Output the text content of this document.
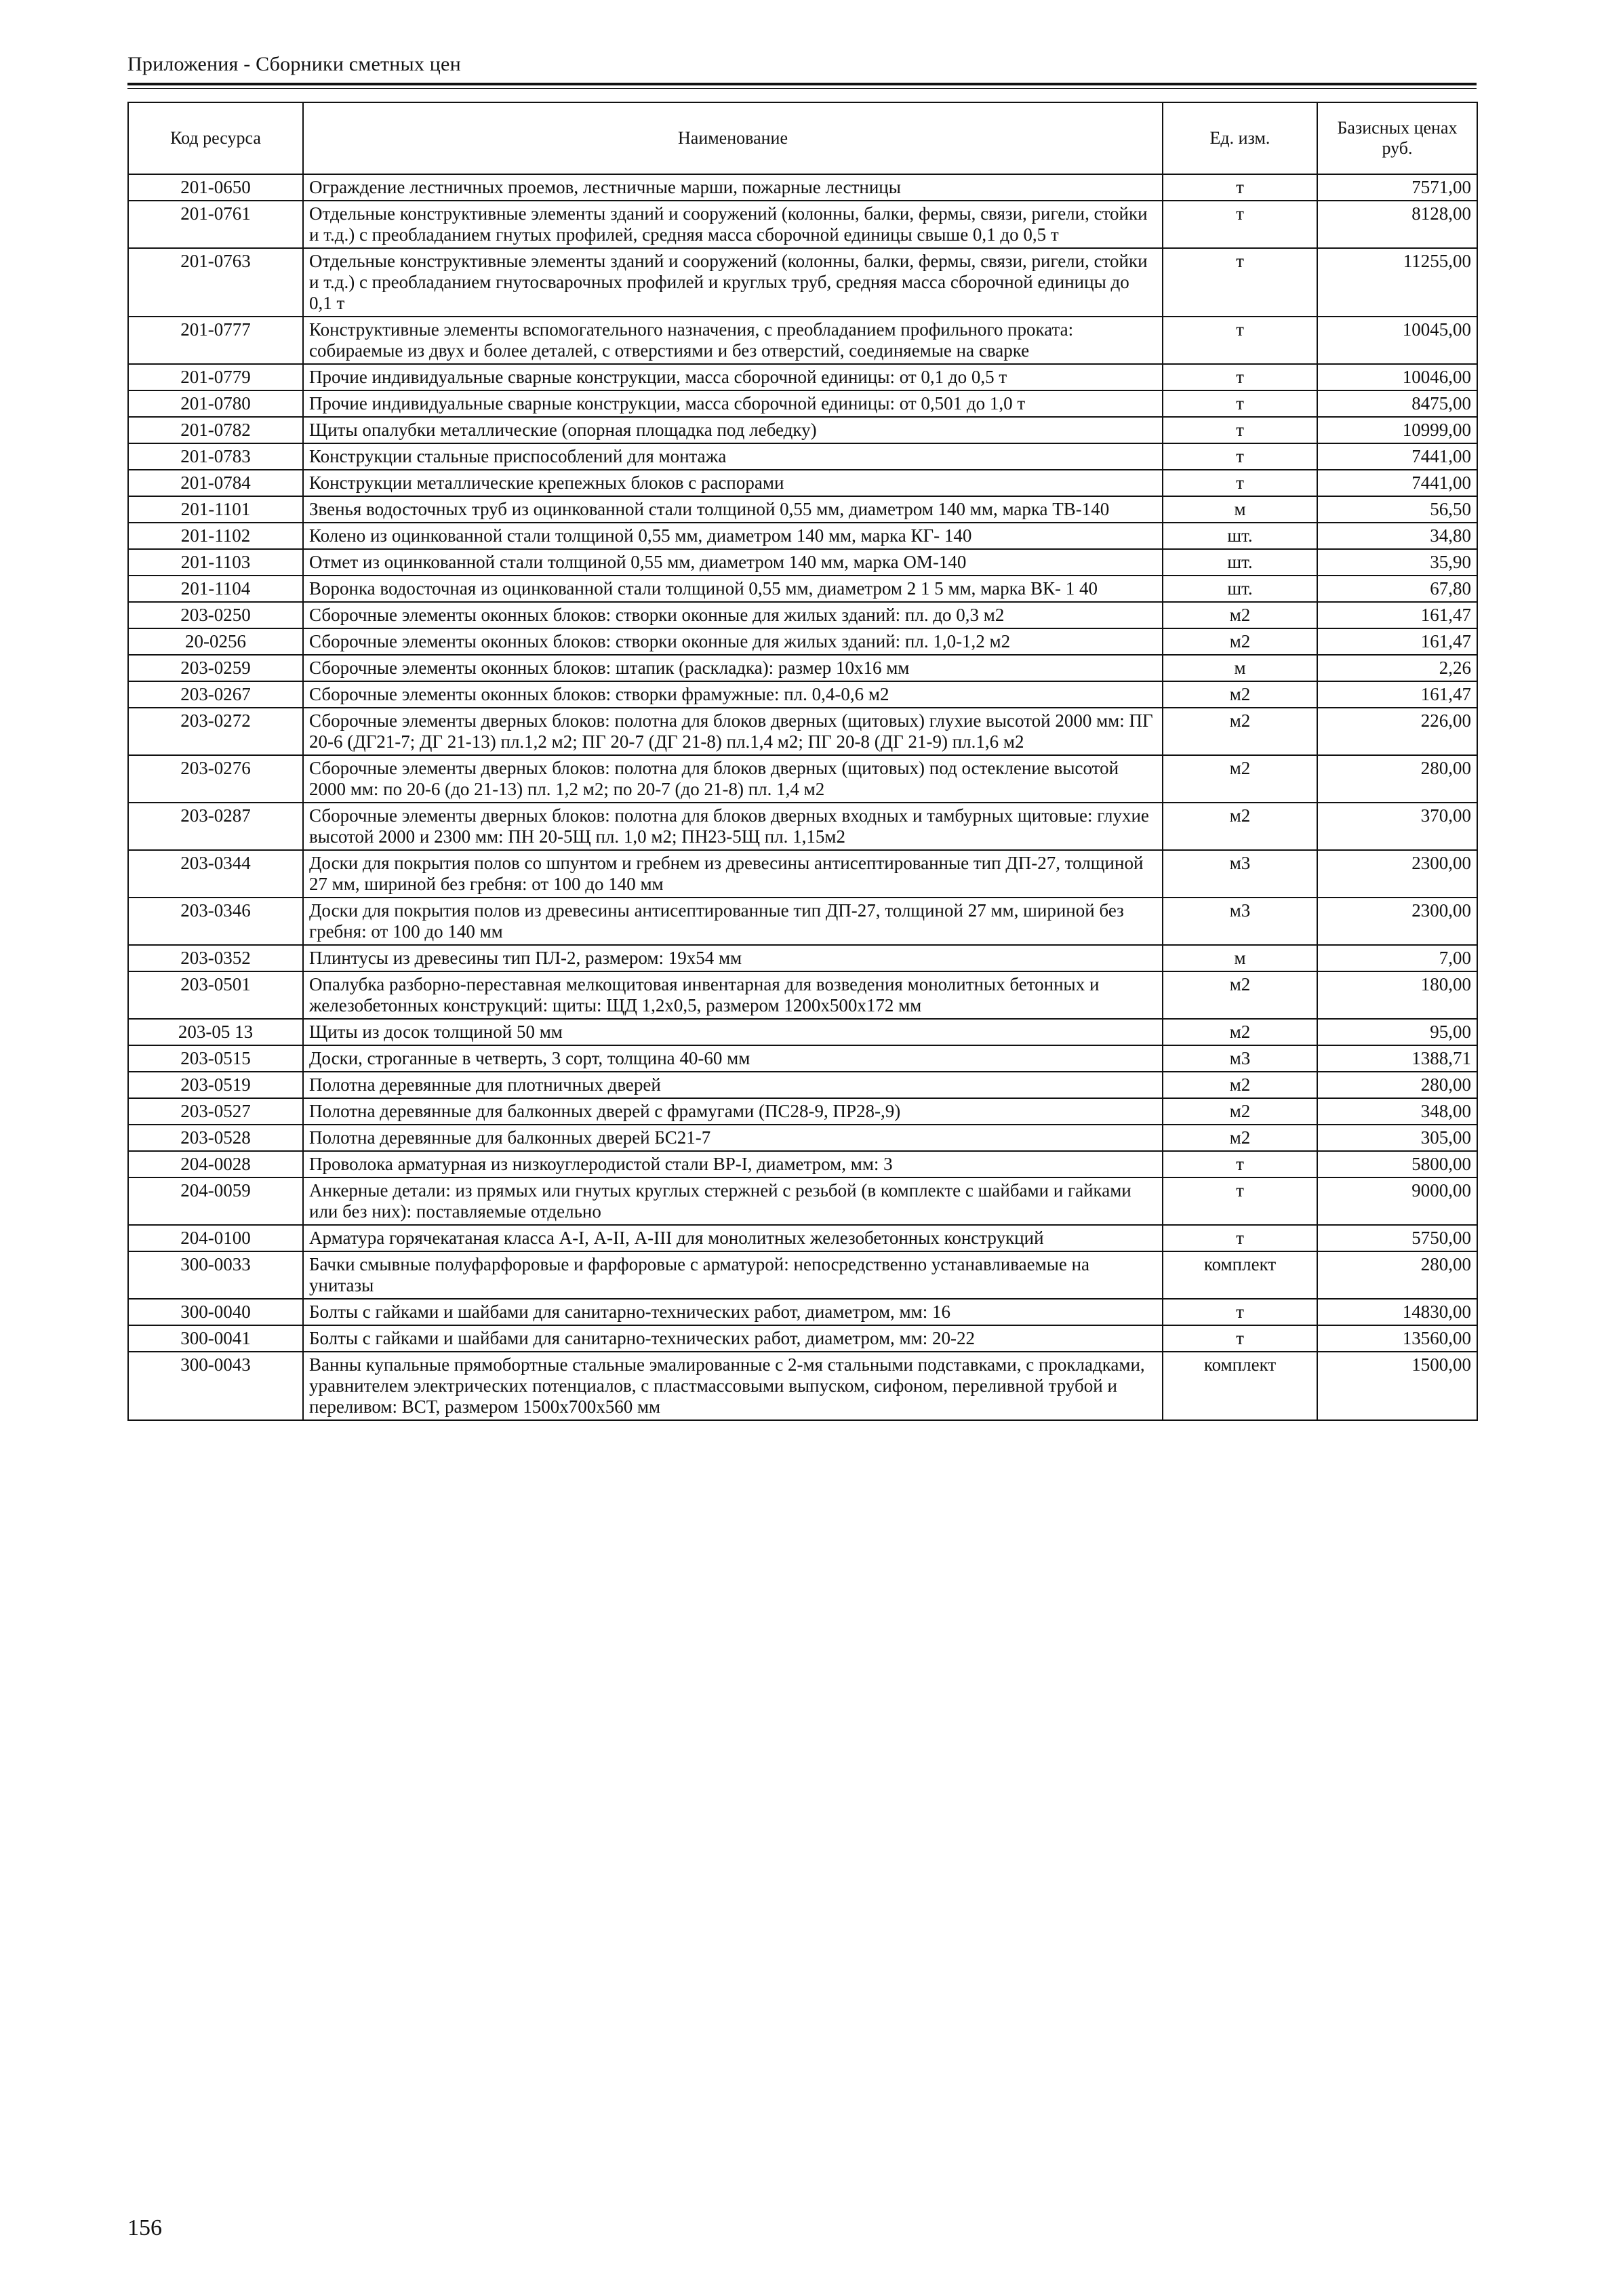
Приложения - Сборники сметных цен
Код ресурса	Наименование	Ед. изм.	Базисных ценах руб.
201-0650	Ограждение лестничных проемов, лестничные марши, пожарные лестницы	т	7571,00
201-0761	Отдельные конструктивные элементы зданий и сооружений (колонны, балки, фермы, связи, ригели, стойки и т.д.) с преобладанием гнутых профилей, средняя масса сборочной единицы свыше 0,1 до 0,5 т	т	8128,00
201-0763	Отдельные конструктивные элементы зданий и сооружений (колонны, балки, фермы, связи, ригели, стойки и т.д.) с преобладанием гнутосварочных профилей и круглых труб, средняя масса сборочной единицы до 0,1 т	т	11255,00
201-0777	Конструктивные элементы вспомогательного назначения, с преобладанием профильного проката: собираемые из двух и более деталей, с отверстиями и без отверстий, соединяемые на сварке	т	10045,00
201-0779	Прочие индивидуальные сварные конструкции, масса сборочной единицы: от 0,1 до 0,5 т	т	10046,00
201-0780	Прочие индивидуальные сварные конструкции, масса сборочной единицы: от 0,501 до 1,0 т	т	8475,00
201-0782	Щиты опалубки металлические (опорная площадка под лебедку)	т	10999,00
201-0783	Конструкции стальные приспособлений для монтажа	т	7441,00
201-0784	Конструкции металлические крепежных блоков с распорами	т	7441,00
201-1101	Звенья водосточных труб из оцинкованной стали толщиной 0,55 мм, диаметром 140 мм, марка ТВ-140	м	56,50
201-1102	Колено из оцинкованной стали толщиной 0,55 мм, диаметром 140 мм, марка КГ- 140	шт.	34,80
201-1103	Отмет из оцинкованной стали толщиной 0,55 мм, диаметром 140 мм, марка ОМ-140	шт.	35,90
201-1104	Воронка водосточная из оцинкованной стали толщиной 0,55 мм, диаметром 2 1 5 мм, марка ВК- 1 40	шт.	67,80
203-0250	Сборочные элементы оконных блоков: створки оконные для жилых зданий: пл. до 0,3 м2	м2	161,47
20-0256	Сборочные элементы оконных блоков: створки оконные для жилых зданий: пл. 1,0-1,2 м2	м2	161,47
203-0259	Сборочные элементы оконных блоков: штапик (раскладка): размер 10х16 мм	м	2,26
203-0267	Сборочные элементы оконных блоков: створки фрамужные: пл. 0,4-0,6 м2	м2	161,47
203-0272	Сборочные элементы дверных блоков: полотна для блоков дверных (щитовых) глухие высотой 2000 мм: ПГ 20-6 (ДГ21-7; ДГ 21-13) пл.1,2 м2; ПГ 20-7 (ДГ 21-8) пл.1,4 м2; ПГ 20-8 (ДГ 21-9) пл.1,6 м2	м2	226,00
203-0276	Сборочные элементы дверных блоков: полотна для блоков дверных (щитовых) под остекление высотой 2000 мм: по 20-6 (до 21-13) пл. 1,2 м2; по 20-7 (до 21-8) пл. 1,4 м2	м2	280,00
203-0287	Сборочные элементы дверных блоков: полотна для блоков дверных входных и тамбурных щитовые: глухие высотой 2000 и 2300 мм: ПН 20-5Щ пл. 1,0 м2; ПН23-5Щ пл. 1,15м2	м2	370,00
203-0344	Доски для покрытия полов со шпунтом и гребнем из древесины антисептированные тип ДП-27, толщиной 27 мм, шириной без гребня: от 100 до 140 мм	м3	2300,00
203-0346	Доски для покрытия полов из древесины антисептированные тип ДП-27, толщиной 27 мм, шириной без гребня: от 100 до 140 мм	м3	2300,00
203-0352	Плинтусы из древесины тип ПЛ-2, размером: 19х54 мм	м	7,00
203-0501	Опалубка разборно-переставная мелкощитовая инвентарная для возведения монолитных бетонных и железобетонных конструкций: щиты: ЩД 1,2х0,5, размером 1200х500х172 мм	м2	180,00
203-05 13	Щиты из досок толщиной 50 мм	м2	95,00
203-0515	Доски, строганные в четверть, 3 сорт, толщина 40-60 мм	м3	1388,71
203-0519	Полотна деревянные для плотничных дверей	м2	280,00
203-0527	Полотна деревянные для балконных дверей с фрамугами (ПС28-9, ПР28-,9)	м2	348,00
203-0528	Полотна деревянные для балконных дверей БС21-7	м2	305,00
204-0028	Проволока арматурная из низкоуглеродистой стали ВР-I, диаметром, мм: 3	т	5800,00
204-0059	Анкерные детали: из прямых или гнутых круглых стержней с резьбой (в комплекте с шайбами и гайками или без них): поставляемые отдельно	т	9000,00
204-0100	Арматура горячекатаная класса А-I, А-II, А-III для монолитных железобетонных конструкций	т	5750,00
300-0033	Бачки смывные полуфарфоровые и фарфоровые с арматурой: непосредственно устанавливаемые на унитазы	комплект	280,00
300-0040	Болты с гайками и шайбами для санитарно-технических работ, диаметром, мм: 16	т	14830,00
300-0041	Болты с гайками и шайбами для санитарно-технических работ, диаметром, мм: 20-22	т	13560,00
300-0043	Ванны купальные прямобортные стальные эмалированные с 2-мя стальными подставками, с прокладками, уравнителем электрических потенциалов, с пластмассовыми выпуском, сифоном, переливной трубой и переливом: ВСТ, размером 1500х700х560 мм	комплект	1500,00
156
